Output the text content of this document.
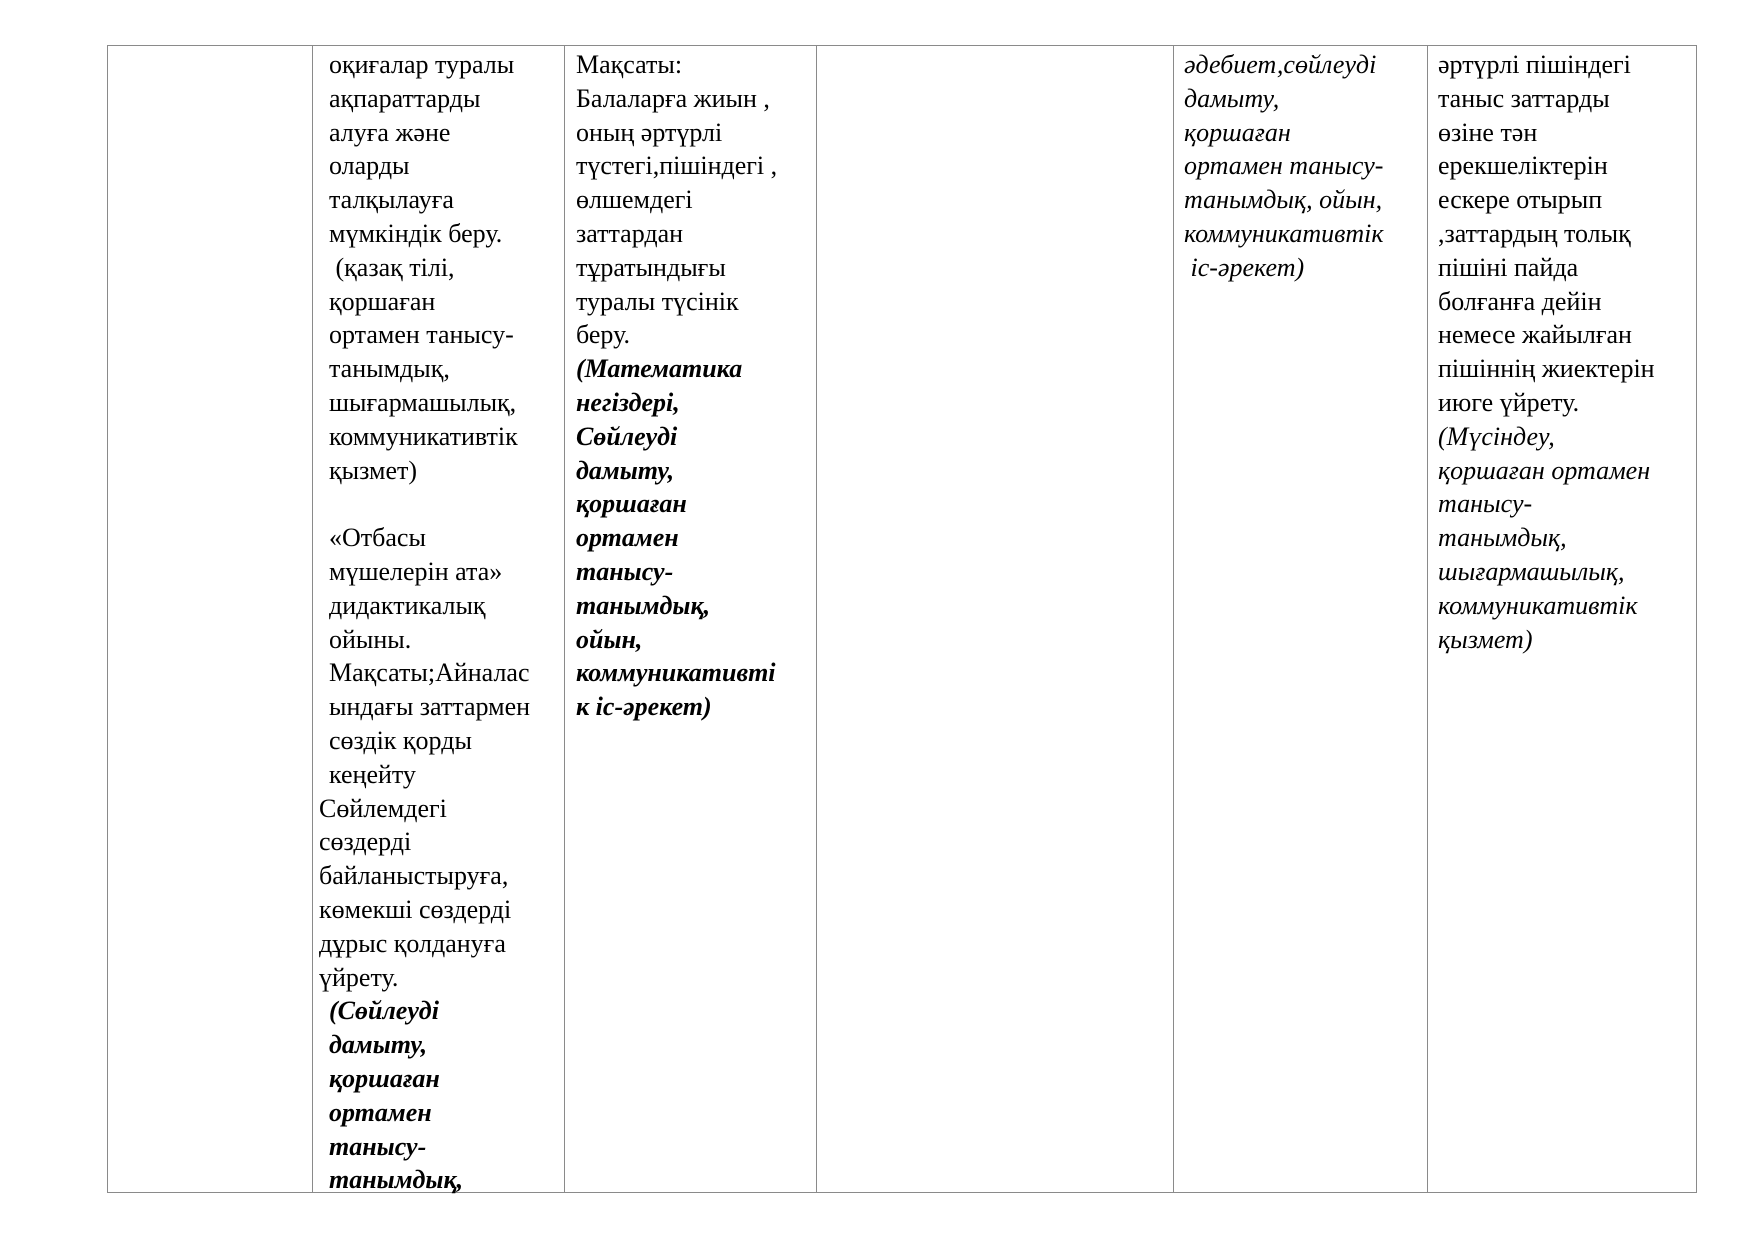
оқиғалар туралы
ақпараттарды
алуға және
оларды
талқылауға
мүмкіндік беру.
(қазақ тілі,
қоршаған
ортамен танысу-
танымдық,
шығармашылық,
коммуникативтік
қызмет)

«Отбасы
мүшелерін ата»
дидактикалық
ойыны.
Мақсаты;Айналас
ындағы заттармен
сөздік қорды
кеңейту
Сөйлемдегі
сөздерді
байланыстыруға,
көмекші сөздерді
дұрыс қолдануға
үйрету.
(Сөйлеуді
дамыту,
қоршаған
ортамен
танысу-
танымдық,
Мақсаты:
Балаларға жиын ,
оның әртүрлі
түстегі,пішіндегі ,
өлшемдегі
заттардан
тұратындығы
туралы түсінік
беру.
(Математика
негіздері,
Сөйлеуді
дамыту,
қоршаған
ортамен
танысу-
танымдық,
ойын,
коммуникативті
к іс-әрекет)
әдебиет,сөйлеуді
дамыту,
қоршаған
ортамен танысу-
танымдық, ойын,
коммуникативтік
іс-әрекет)
әртүрлі пішіндегі
таныс заттарды
өзіне тән
ерекшеліктерін
ескере отырып
,заттардың толық
пішіні пайда
болғанға дейін
немесе жайылған
пішіннің жиектерін
июге үйрету.
(Мүсіндеу,
қоршаған ортамен
танысу-
танымдық,
шығармашылық,
коммуникативтік
қызмет)
